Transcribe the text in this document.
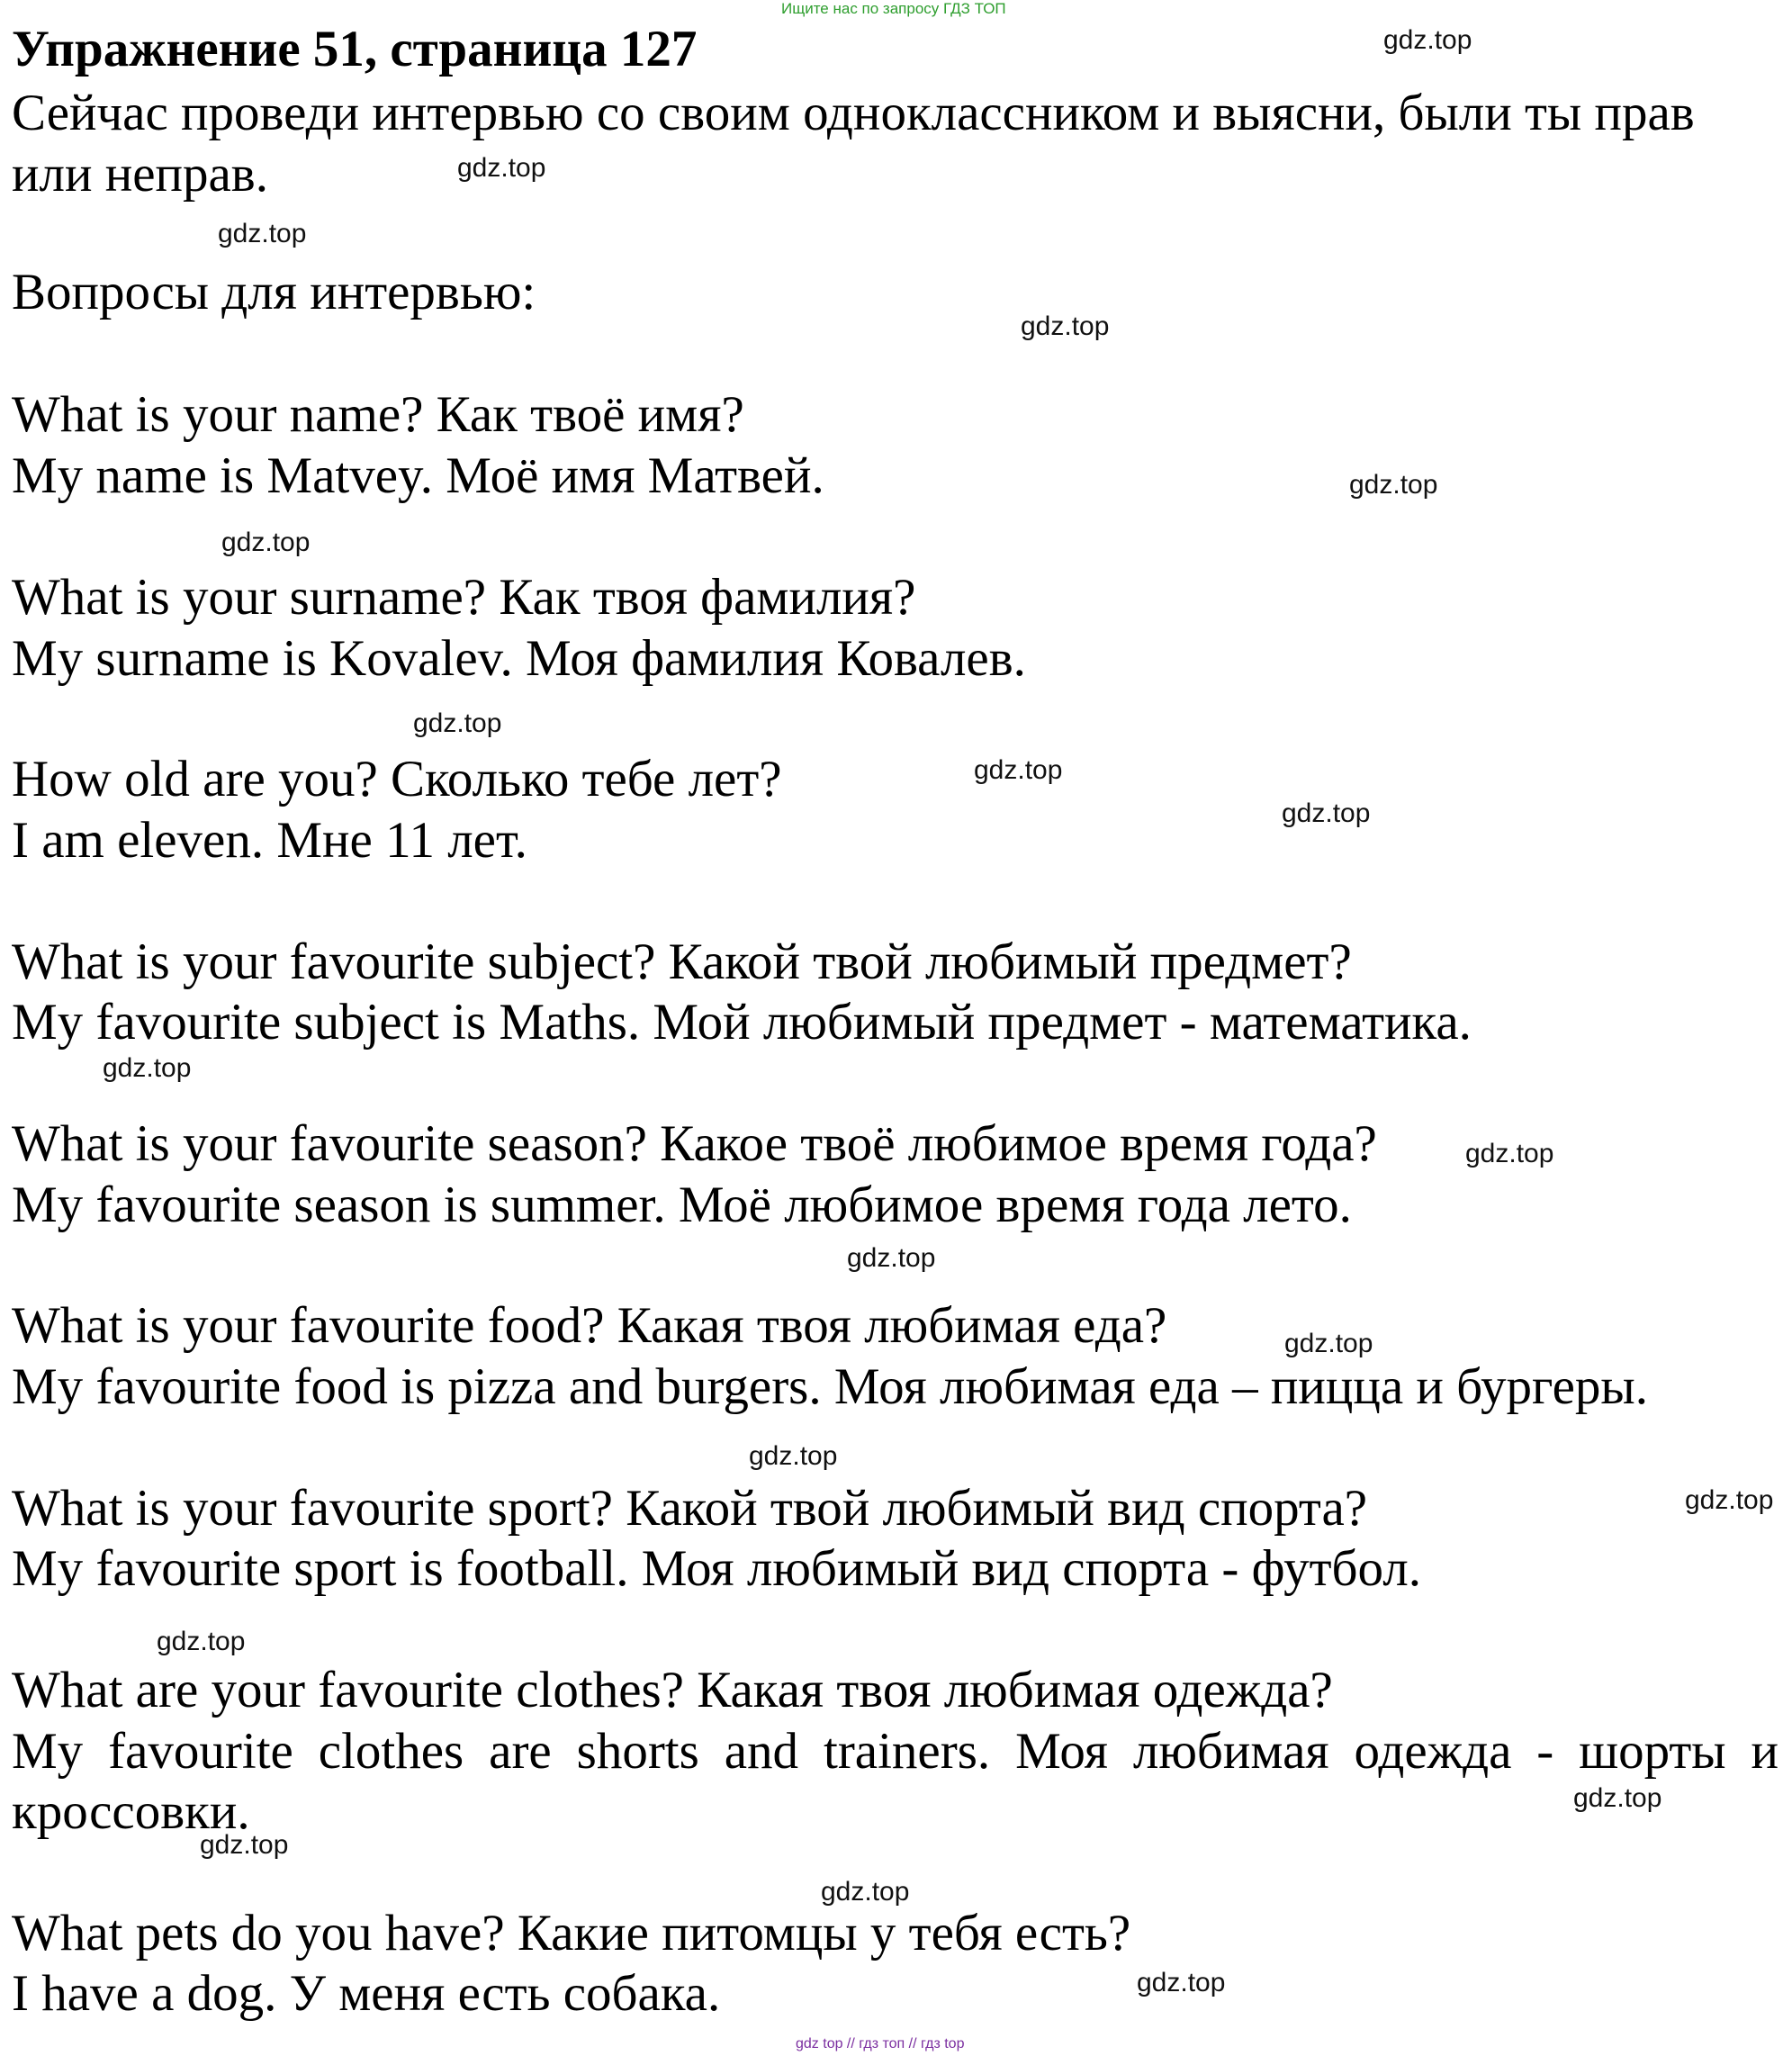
Ищите нас по запросу ГДЗ ТОП
Упражнение 51, страница 127
Сейчас проведи интервью со своим одноклассником и выясни, были ты прав
или неправ.
Вопросы для интервью:
What is your name? Как твоё имя?
My name is Matvey. Моё имя Матвей.
What is your surname? Как твоя фамилия?
My surname is Kovalev. Моя фамилия Ковалев.
How old are you? Сколько тебе лет?
I am eleven. Мне 11 лет.
What is your favourite subject? Какой твой любимый предмет?
My favourite subject is Maths. Мой любимый предмет - математика.
What is your favourite season? Какое твоё любимое время года?
My favourite season is summer. Моё любимое время года лето.
What is your favourite food? Какая твоя любимая еда?
My favourite food is pizza and burgers. Моя любимая еда – пицца и бургеры.
What is your favourite sport? Какой твой любимый вид спорта?
My favourite sport is football. Моя любимый вид спорта - футбол.
What are your favourite clothes? Какая твоя любимая одежда?
My favourite clothes are shorts and trainers. Моя любимая одежда - шорты и
кроссовки.
What pets do you have? Какие питомцы у тебя есть?
I have a dog. У меня есть собака.
gdz.top
gdz.top
gdz.top
gdz.top
gdz.top
gdz.top
gdz.top
gdz.top
gdz.top
gdz.top
gdz.top
gdz.top
gdz.top
gdz.top
gdz.top
gdz.top
gdz.top
gdz.top
gdz.top
gdz.top
gdz top // гдз топ // гдз top
